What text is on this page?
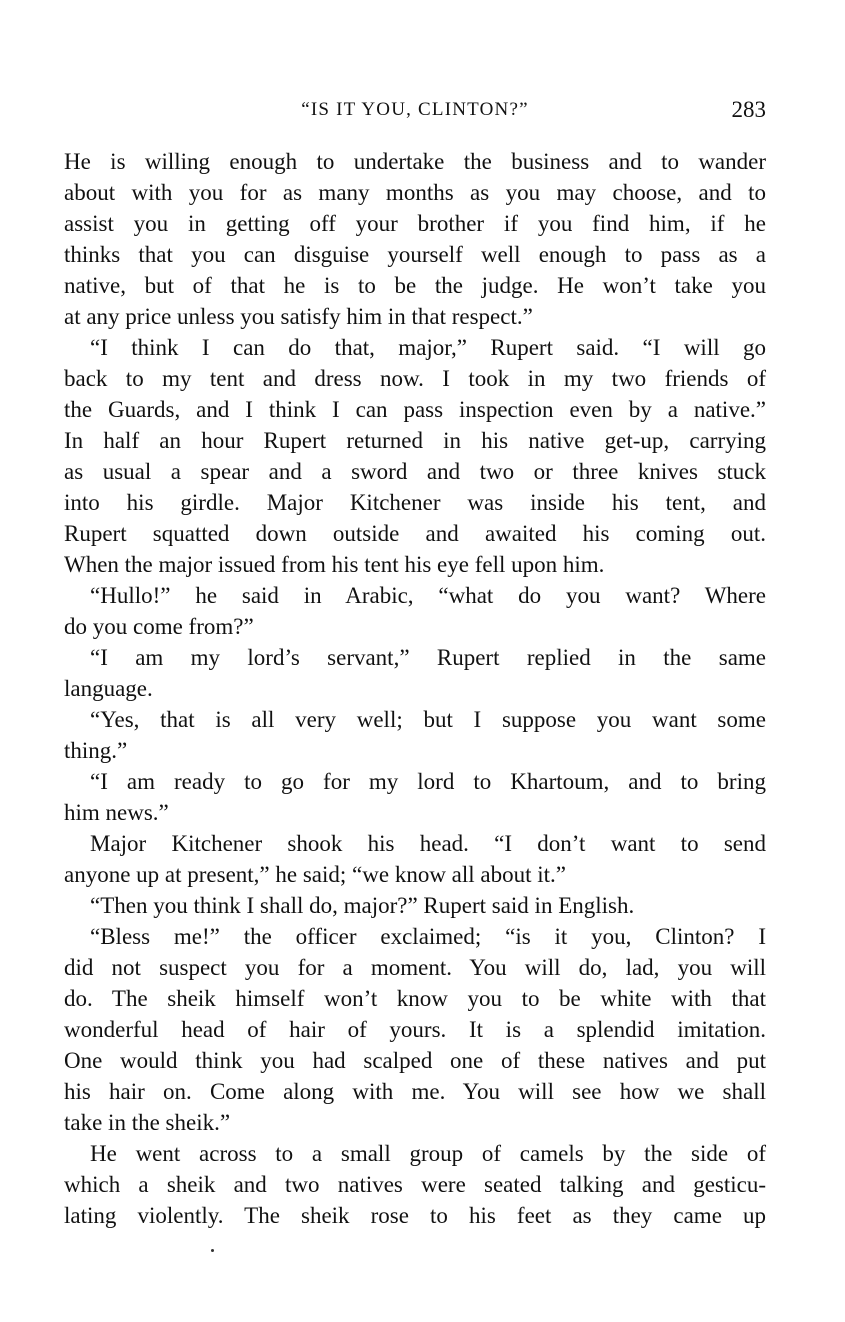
“IS IT YOU, CLINTON?”	283
He is willing enough to undertake the business and to wander
about with you for as many months as you may choose, and to
assist you in getting off your brother if you find him, if he
thinks that you can disguise yourself well enough to pass as a
native, but of that he is to be the judge. He won’t take you
at any price unless you satisfy him in that respect.”
“I think I can do that, major,” Rupert said. “I will go
back to my tent and dress now. I took in my two friends of
the Guards, and I think I can pass inspection even by a native.”
In half an hour Rupert returned in his native get-up, carrying
as usual a spear and a sword and two or three knives stuck
into his girdle. Major Kitchener was inside his tent, and
Rupert squatted down outside and awaited his coming out.
When the major issued from his tent his eye fell upon him.
“Hullo!” he said in Arabic, “what do you want? Where
do you come from?”
“I am my lord’s servant,” Rupert replied in the same
language.
“Yes, that is all very well; but I suppose you want some
thing.”
“I am ready to go for my lord to Khartoum, and to bring
him news.”
Major Kitchener shook his head. “I don’t want to send
anyone up at present,” he said; “we know all about it.”
“Then you think I shall do, major?” Rupert said in English.
“Bless me!” the officer exclaimed; “is it you, Clinton? I
did not suspect you for a moment. You will do, lad, you will
do. The sheik himself won’t know you to be white with that
wonderful head of hair of yours. It is a splendid imitation.
One would think you had scalped one of these natives and put
his hair on. Come along with me. You will see how we shall
take in the sheik.”
He went across to a small group of camels by the side of
which a sheik and two natives were seated talking and gesticu-
lating violently. The sheik rose to his feet as they came up
